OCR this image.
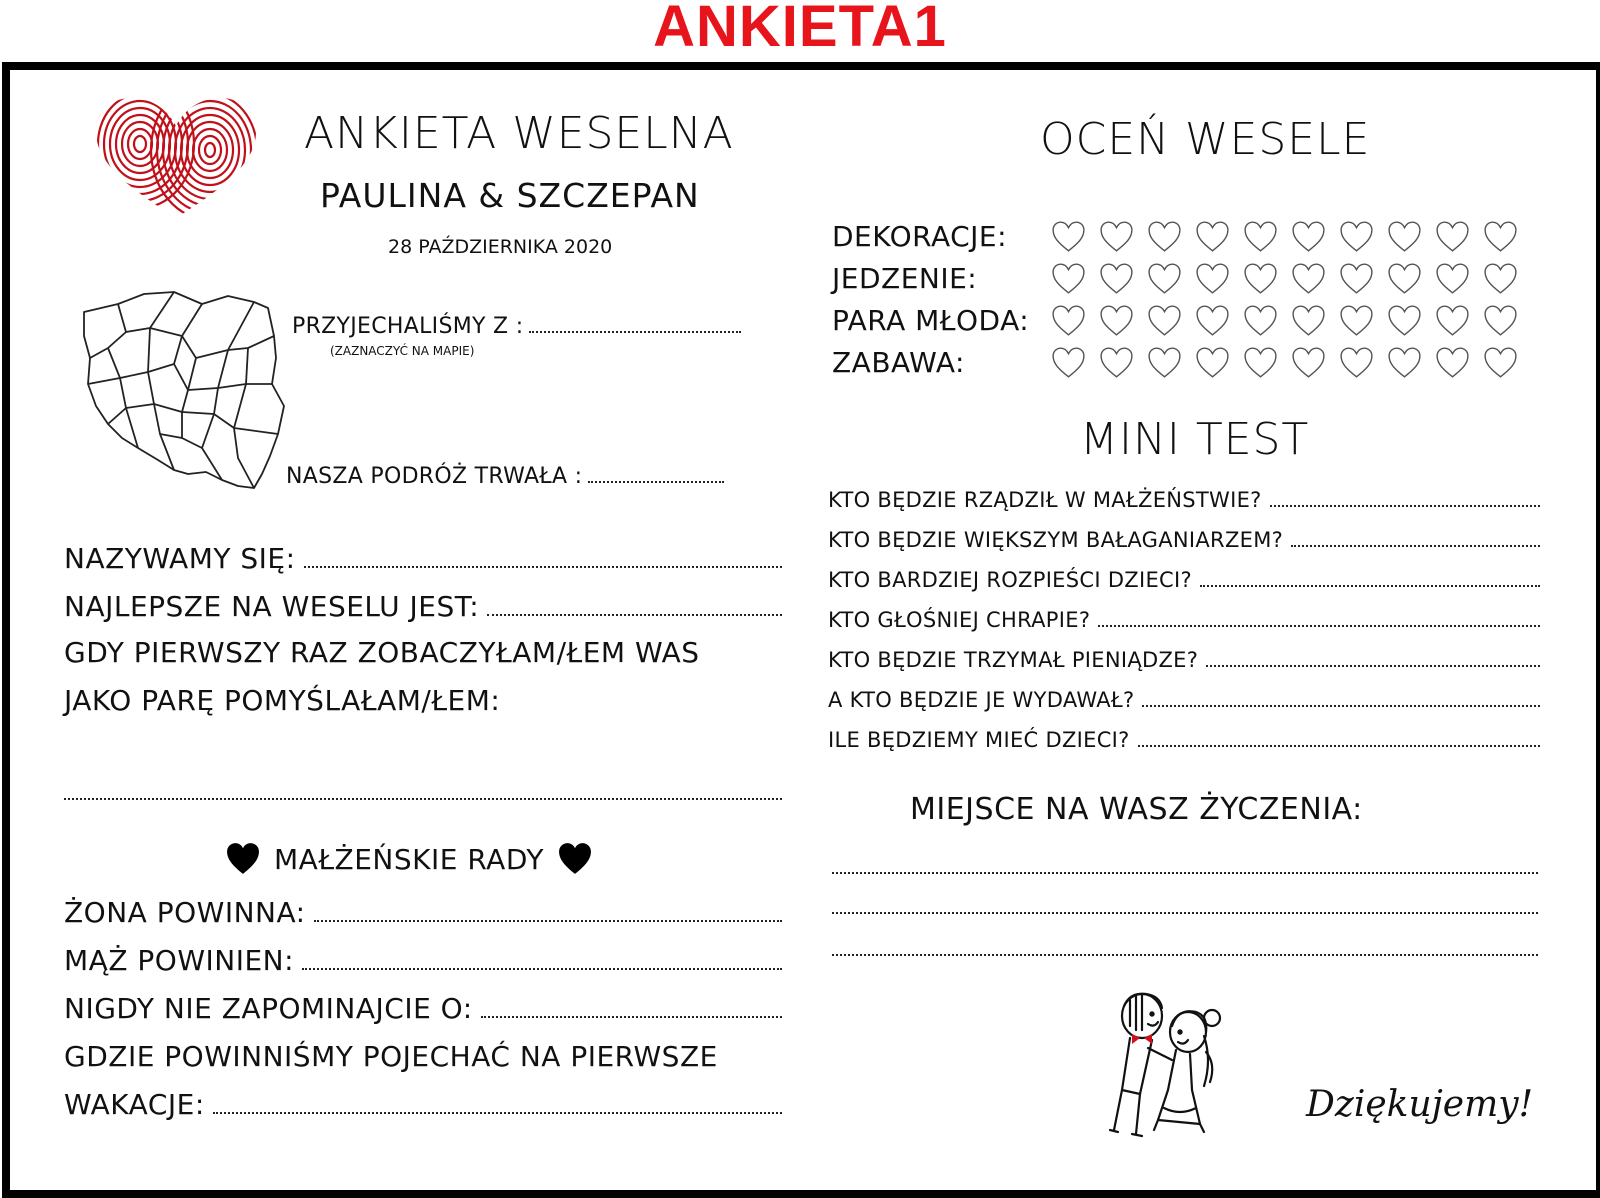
ANKIETA1
ANKIETA WESELNA
PAULINA & SZCZEPAN
28 PAŹDZIERNIKA 2020
PRZYJECHALIŚMY Z :
(ZAZNACZYĆ NA MAPIE)
NASZA PODRÓŻ TRWAŁA :
NAZYWAMY SIĘ:
NAJLEPSZE NA WESELU JEST:
GDY PIERWSZY RAZ ZOBACZYŁAM/ŁEM WAS
JAKO PARĘ POMYŚLAŁAM/ŁEM:
MAŁŻEŃSKIE RADY
ŻONA POWINNA:
MĄŻ POWINIEN:
NIGDY NIE ZAPOMINAJCIE O:
GDZIE POWINNIŚMY POJECHAĆ NA PIERWSZE
WAKACJE:
OCEŃ WESELE
DEKORACJE:
JEDZENIE:
PARA MŁODA:
ZABAWA:
MINI TEST
KTO BĘDZIE RZĄDZIŁ W MAŁŻEŃSTWIE?
KTO BĘDZIE WIĘKSZYM BAŁAGANIARZEM?
KTO BARDZIEJ ROZPIEŚCI DZIECI?
KTO GŁOŚNIEJ CHRAPIE?
KTO BĘDZIE TRZYMAŁ PIENIĄDZE?
A KTO BĘDZIE JE WYDAWAŁ?
ILE BĘDZIEMY MIEĆ DZIECI?
MIEJSCE NA WASZ ŻYCZENIA:
Dziękujemy!
